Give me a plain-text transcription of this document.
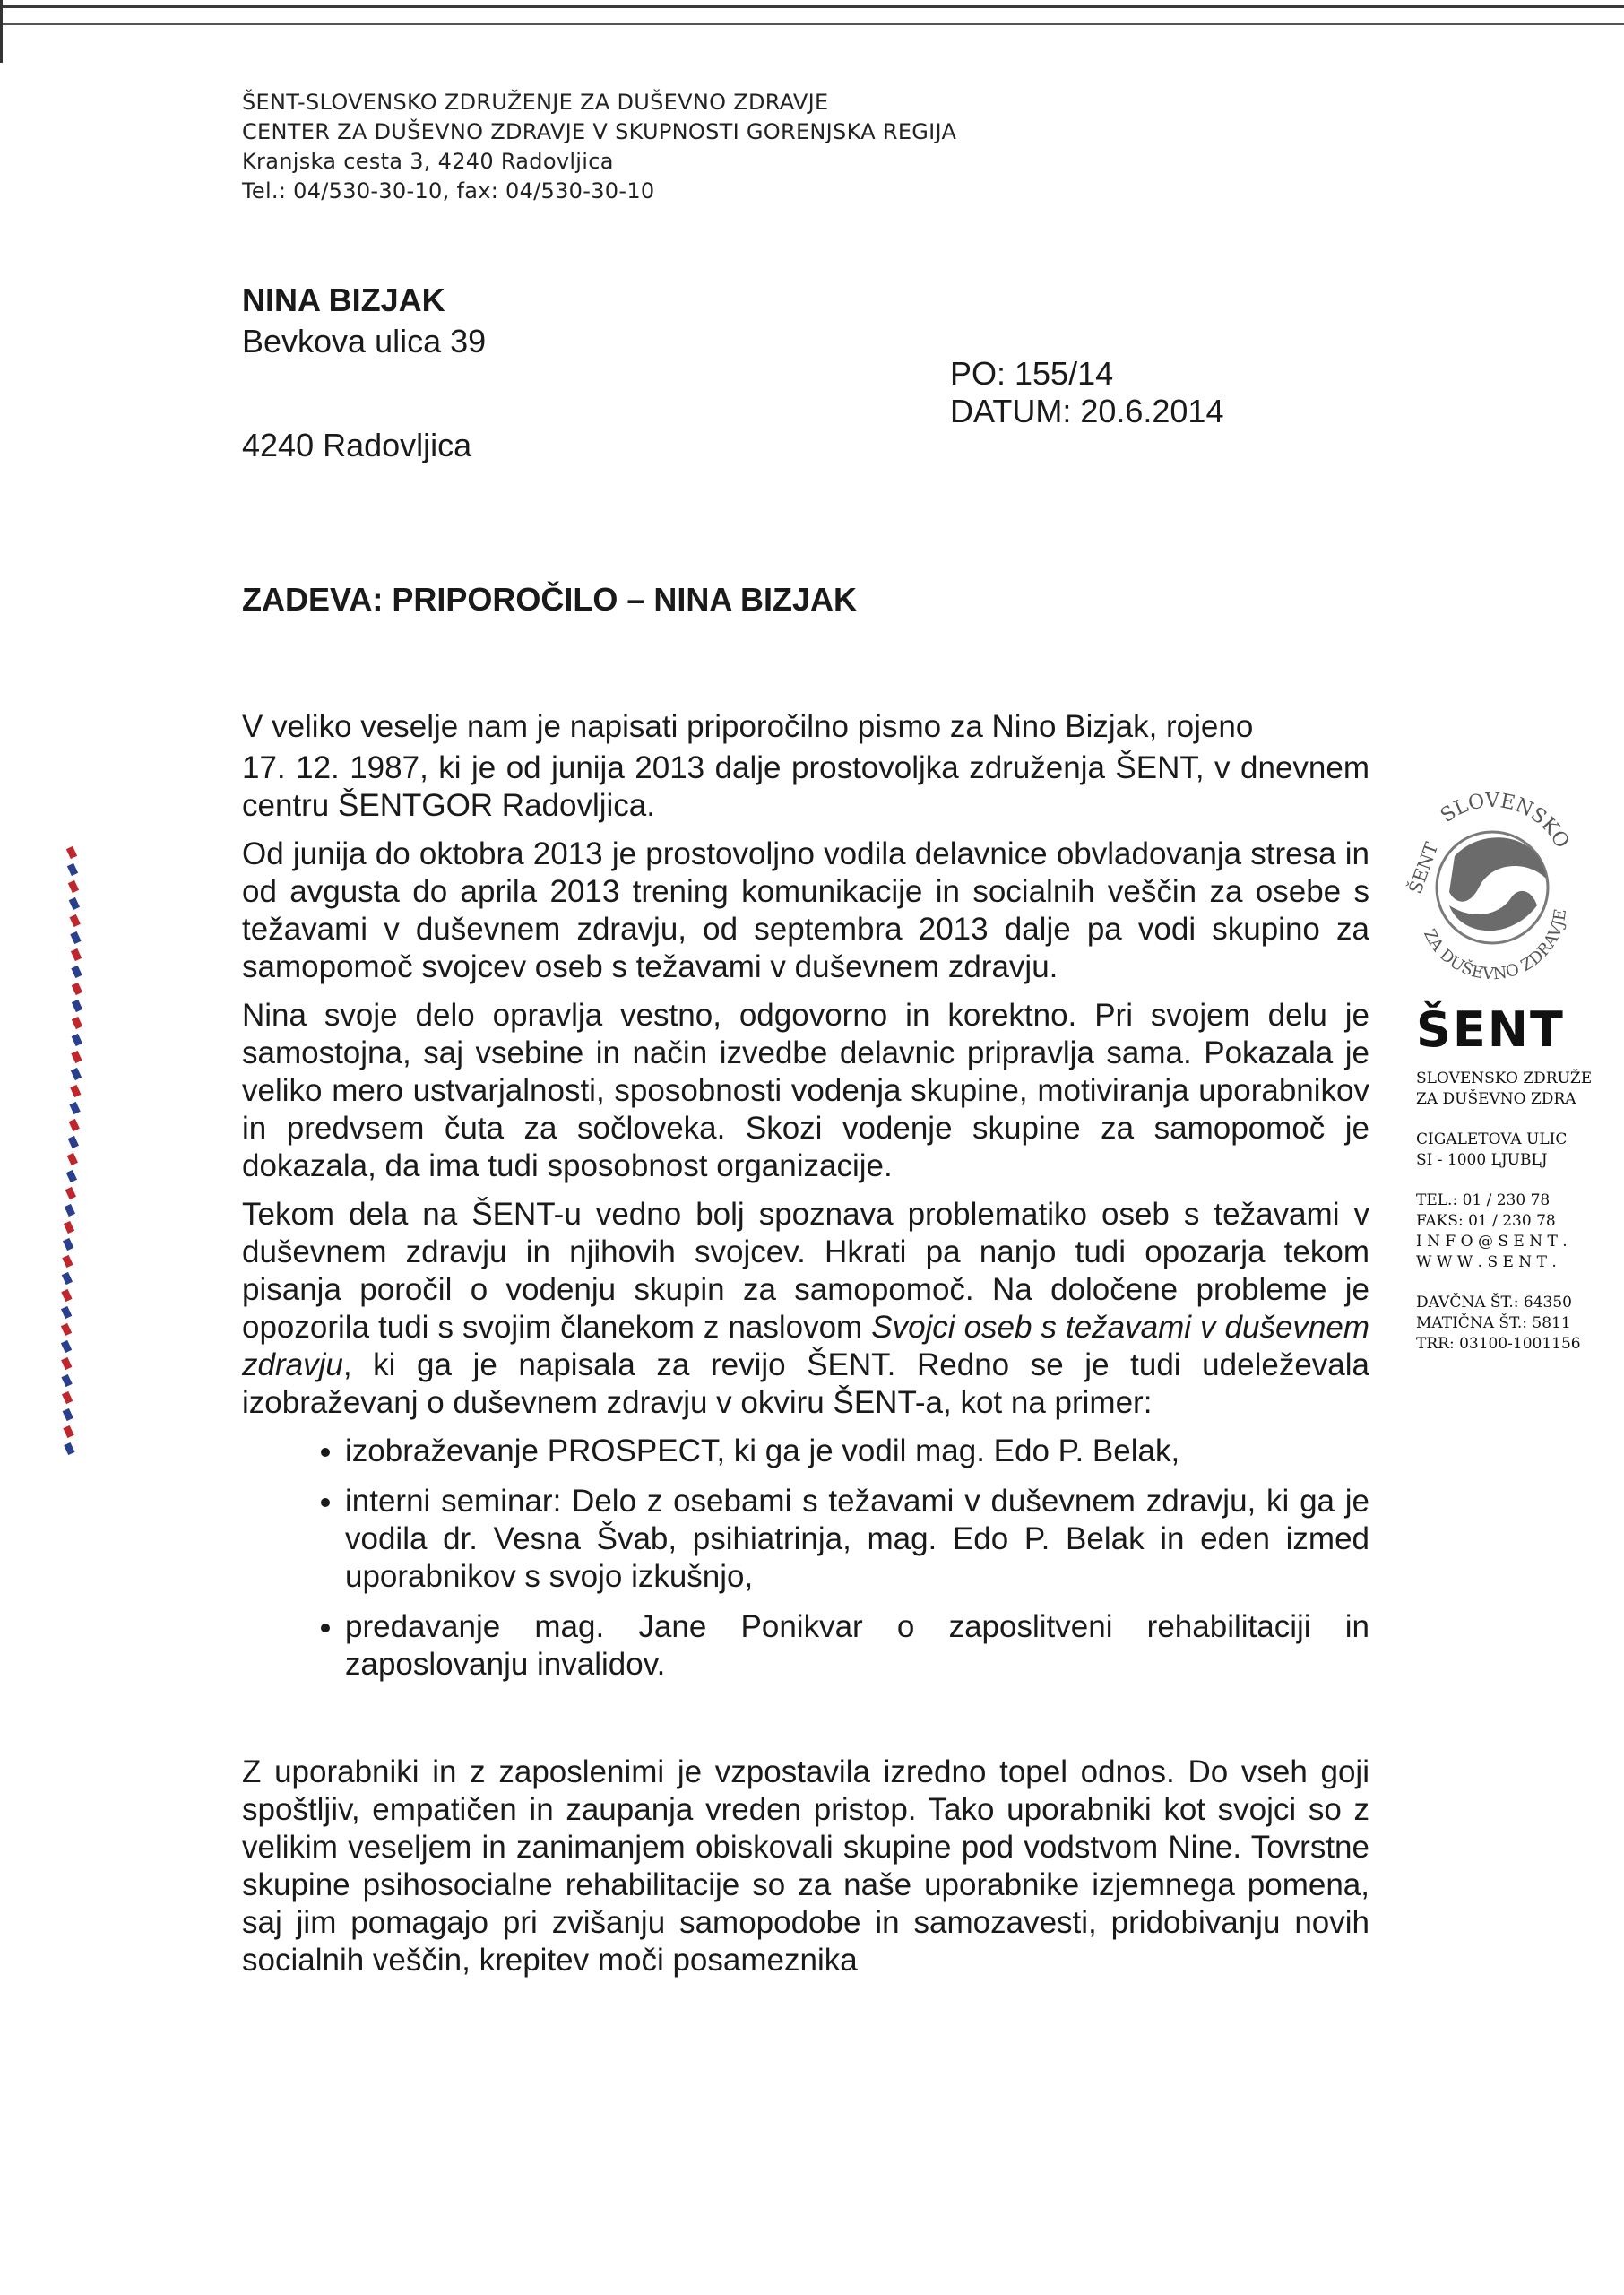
ŠENT-SLOVENSKO ZDRUŽENJE ZA DUŠEVNO ZDRAVJE
CENTER ZA DUŠEVNO ZDRAVJE V SKUPNOSTI GORENJSKA REGIJA
Kranjska cesta 3, 4240 Radovljica
Tel.: 04/530-30-10, fax: 04/530-30-10
NINA BIZJAK
Bevkova ulica 39
4240 Radovljica
PO: 155/14
DATUM: 20.6.2014
ZADEVA: PRIPOROČILO – NINA BIZJAK

V veliko veselje nam je napisati priporočilno pismo za Nino Bizjak, rojeno

17. 12. 1987, ki je od junija 2013 dalje prostovoljka združenja ŠENT, v dnevnem centru ŠENTGOR Radovljica.

Od junija do oktobra 2013 je prostovoljno vodila delavnice obvladovanja stresa in od avgusta do aprila 2013 trening komunikacije in socialnih veščin za osebe s težavami v duševnem zdravju, od septembra 2013 dalje pa vodi skupino za samopomoč svojcev oseb s težavami v duševnem zdravju.

Nina svoje delo opravlja vestno, odgovorno in korektno. Pri svojem delu je samostojna, saj vsebine in način izvedbe delavnic pripravlja sama. Pokazala je veliko mero ustvarjalnosti, sposobnosti vodenja skupine, motiviranja uporabnikov in predvsem čuta za sočloveka. Skozi vodenje skupine za samopomoč je dokazala, da ima tudi sposobnost organizacije.

Tekom dela na ŠENT-u vedno bolj spoznava problematiko oseb s težavami v duševnem zdravju in njihovih svojcev. Hkrati pa nanjo tudi opozarja tekom pisanja poročil o vodenju skupin za samopomoč. Na določene probleme je opozorila tudi s svojim članekom z naslovom Svojci oseb s težavami v duševnem zdravju, ki ga je napisala za revijo ŠENT. Redno se je tudi udeleževala izobraževanj o duševnem zdravju v okviru ŠENT-a, kot na primer:

• izobraževanje PROSPECT, ki ga je vodil mag. Edo P. Belak,
• interni seminar: Delo z osebami s težavami v duševnem zdravju, ki ga je vodila dr. Vesna Švab, psihiatrinja, mag. Edo P. Belak in eden izmed uporabnikov s svojo izkušnjo,
• predavanje mag. Jane Ponikvar o zaposlitveni rehabilitaciji in zaposlovanju invalidov.

Z uporabniki in z zaposlenimi je vzpostavila izredno topel odnos. Do vseh goji spoštljiv, empatičen in zaupanja vreden pristop. Tako uporabniki kot svojci so z velikim veseljem in zanimanjem obiskovali skupine pod vodstvom Nine. Tovrstne skupine psihosocialne rehabilitacije so za naše uporabnike izjemnega pomena, saj jim pomagajo pri zvišanju samopodobe in samozavesti, pridobivanju novih socialnih veščin, krepitev moči posameznika

SLOVENSKO
ŠENT
ZA DUŠEVNO ZDRAVJE
ŠENT
SLOVENSKO ZDRUŽE
ZA DUŠEVNO ZDRA
CIGALETOVA ULIC
SI - 1000 LJUBLJ
TEL.: 01 / 230 78
FAKS: 01 / 230 78
I N F O @ S E N T .
W W W . S E N T .
DAVČNA ŠT.: 64350
MATIČNA ŠT.: 5811
TRR: 03100-1001156
